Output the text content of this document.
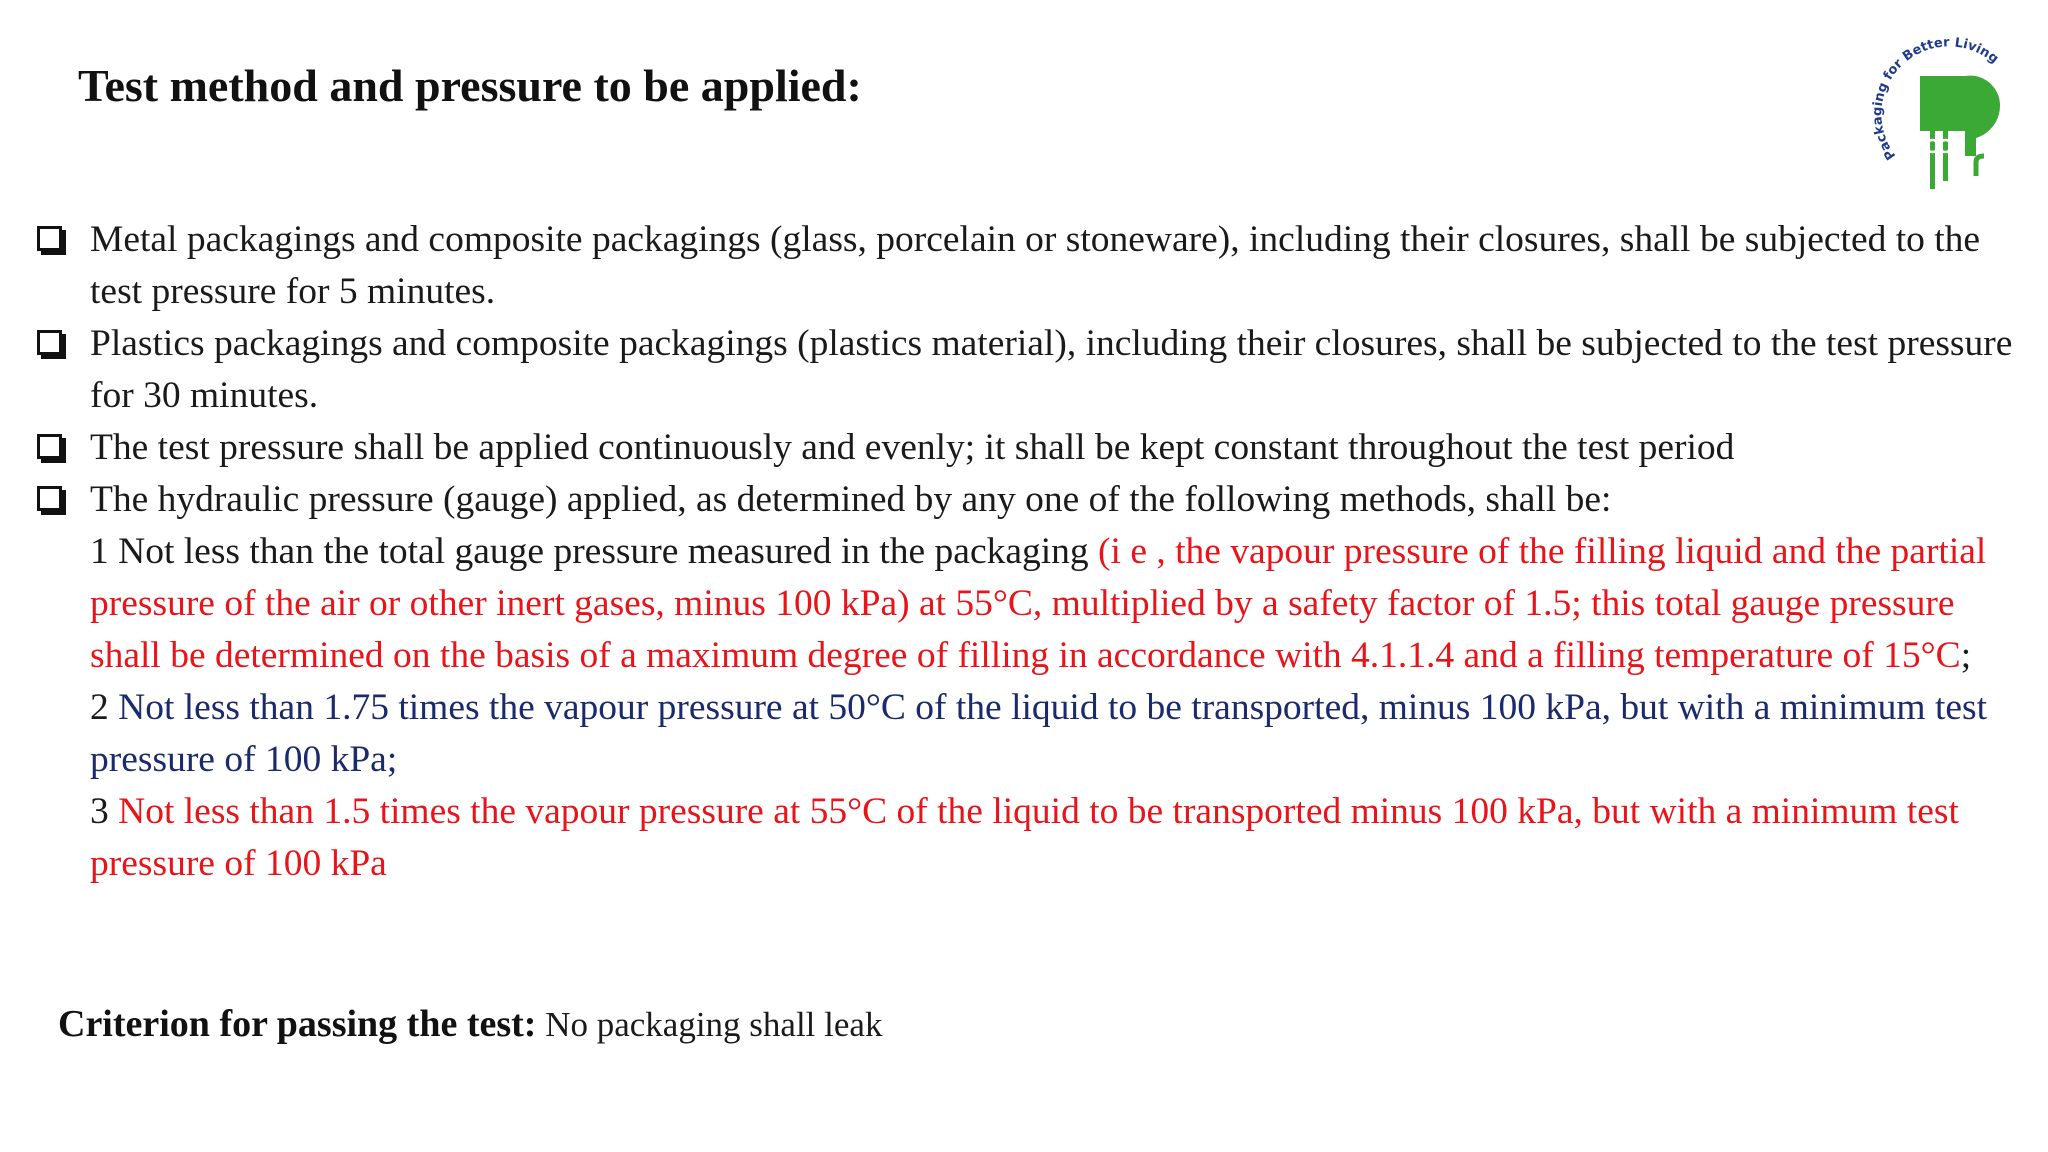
Test method and pressure to be applied:
Packaging for Better Living
iip
Metal packagings and composite packagings (glass, porcelain or stoneware), including their closures, shall be subjected to the test pressure for 5 minutes.
Plastics packagings and composite packagings (plastics material), including their closures, shall be subjected to the test pressure for 30 minutes.
The test pressure shall be applied continuously and evenly; it shall be kept constant throughout the test period
The hydraulic pressure (gauge) applied, as determined by any one of the following methods, shall be:
1 Not less than the total gauge pressure measured in the packaging (i e , the vapour pressure of the filling liquid and the partial pressure of the air or other inert gases, minus 100 kPa) at 55°C, multiplied by a safety factor of 1.5; this total gauge pressure shall be determined on the basis of a maximum degree of filling in accordance with 4.1.1.4 and a filling temperature of 15°C;
2 Not less than 1.75 times the vapour pressure at 50°C of the liquid to be transported, minus 100 kPa, but with a minimum test pressure of 100 kPa;
3 Not less than 1.5 times the vapour pressure at 55°C of the liquid to be transported minus 100 kPa, but with a minimum test pressure of 100 kPa
Criterion for passing the test: No packaging shall leak
